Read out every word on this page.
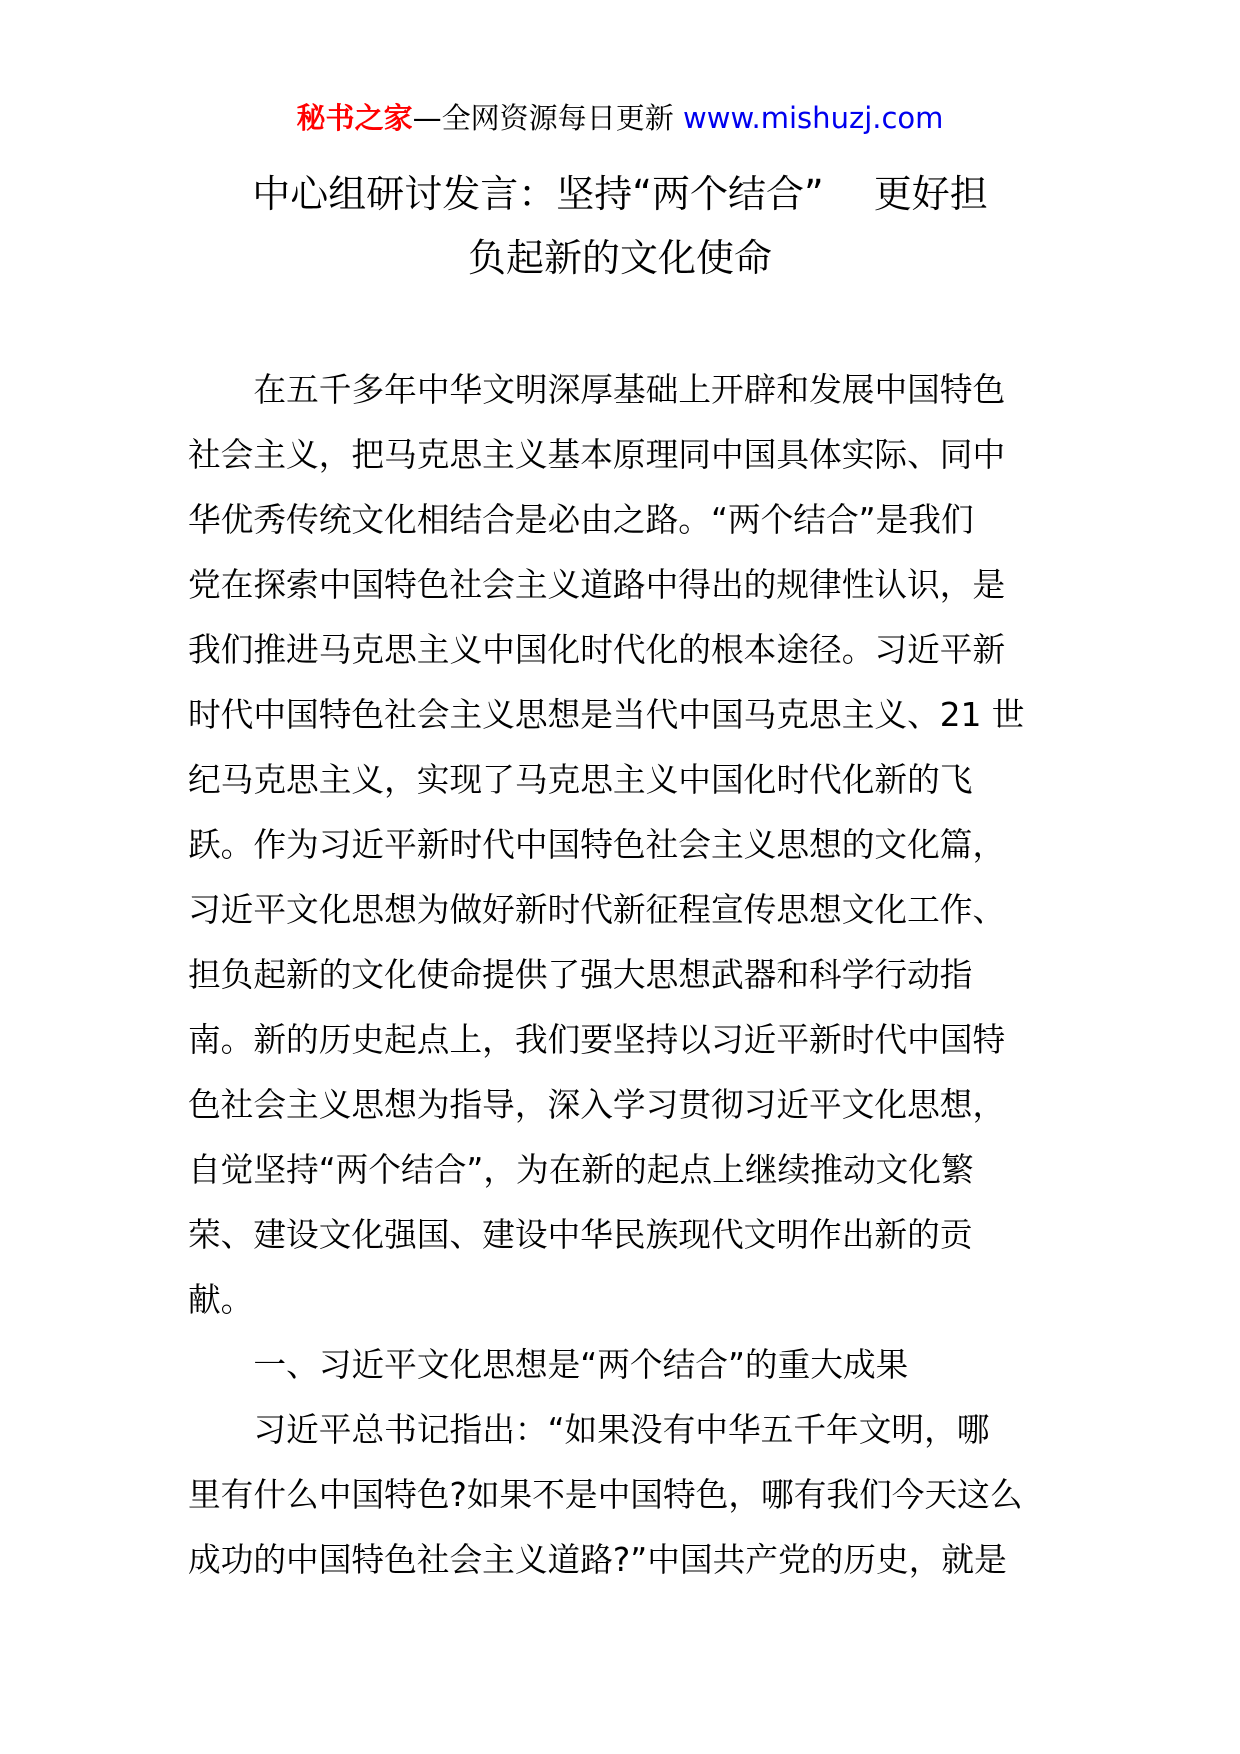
秘书之家—全网资源每日更新 www.mishuzj.com
中心组研讨发言：坚持“两个结合”　 更好担
负起新的文化使命
在五千多年中华文明深厚基础上开辟和发展中国特色
社会主义，把马克思主义基本原理同中国具体实际、同中
华优秀传统文化相结合是必由之路。“两个结合”是我们
党在探索中国特色社会主义道路中得出的规律性认识，是
我们推进马克思主义中国化时代化的根本途径。习近平新
时代中国特色社会主义思想是当代中国马克思主义、21 世
纪马克思主义，实现了马克思主义中国化时代化新的飞
跃。作为习近平新时代中国特色社会主义思想的文化篇，
习近平文化思想为做好新时代新征程宣传思想文化工作、
担负起新的文化使命提供了强大思想武器和科学行动指
南。新的历史起点上，我们要坚持以习近平新时代中国特
色社会主义思想为指导，深入学习贯彻习近平文化思想，
自觉坚持“两个结合”，为在新的起点上继续推动文化繁
荣、建设文化强国、建设中华民族现代文明作出新的贡
献。
一、习近平文化思想是“两个结合”的重大成果
习近平总书记指出：“如果没有中华五千年文明，哪
里有什么中国特色?如果不是中国特色，哪有我们今天这么
成功的中国特色社会主义道路?”中国共产党的历史，就是
